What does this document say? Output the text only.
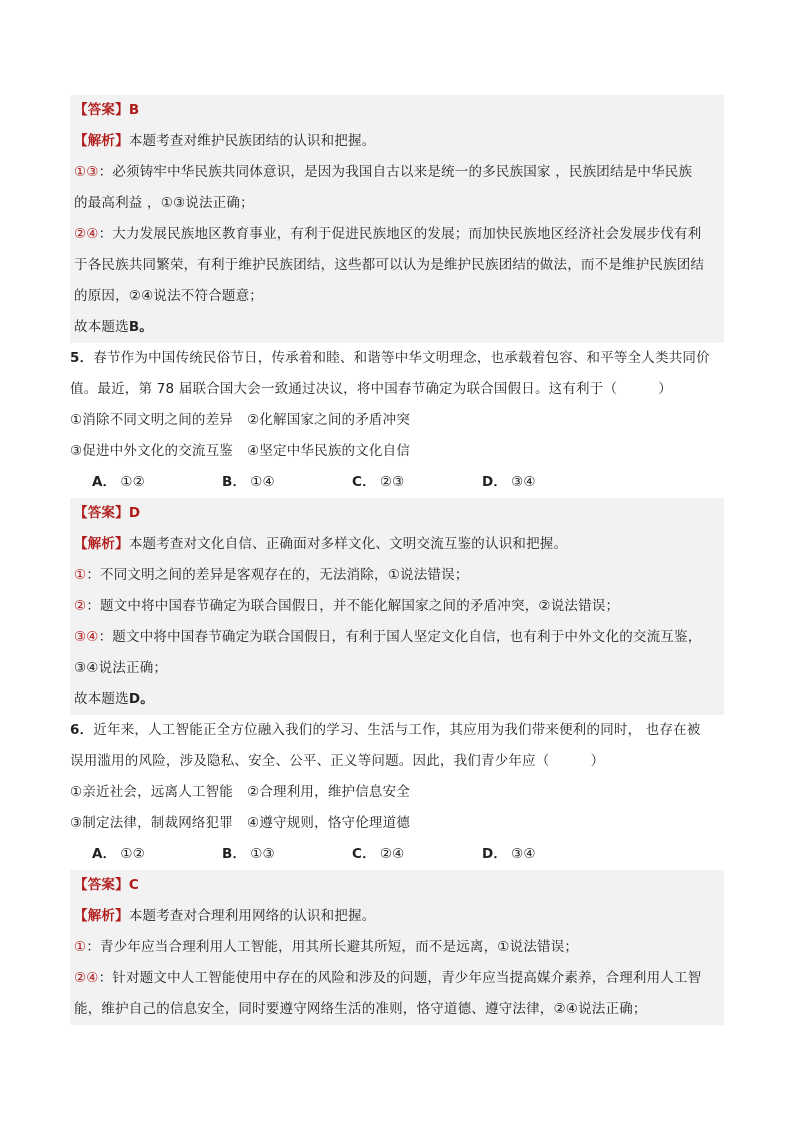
【答案】B
【解析】本题考查对维护民族团结的认识和把握。
①③：必须铸牢中华民族共同体意识，是因为我国自古以来是统一的多民族国家 ，民族团结是中华民族
的最高利益 ，①③说法正确；
②④：大力发展民族地区教育事业，有利于促进民族地区的发展；而加快民族地区经济社会发展步伐有利
于各民族共同繁荣，有利于维护民族团结，这些都可以认为是维护民族团结的做法，而不是维护民族团结
的原因，②④说法不符合题意；
故本题选B。
5．春节作为中国传统民俗节日，传承着和睦、和谐等中华文明理念，也承载着包容、和平等全人类共同价
值。最近，第 78 届联合国大会一致通过决议，将中国春节确定为联合国假日。这有利于（　　　）
①消除不同文明之间的差异 ②化解国家之间的矛盾冲突
③促进中外文化的交流互鉴 ④坚定中华民族的文化自信
A． ①②	B． ①④	C． ②③	D． ③④
【答案】D
【解析】本题考查对文化自信、正确面对多样文化、文明交流互鉴的认识和把握。
①：不同文明之间的差异是客观存在的，无法消除，①说法错误；
②：题文中将中国春节确定为联合国假日，并不能化解国家之间的矛盾冲突，②说法错误；
③④：题文中将中国春节确定为联合国假日，有利于国人坚定文化自信，也有利于中外文化的交流互鉴，
③④说法正确；
故本题选D。
6．近年来，人工智能正全方位融入我们的学习、生活与工作，其应用为我们带来便利的同时， 也存在被
误用滥用的风险，涉及隐私、安全、公平、正义等问题。因此，我们青少年应（　　　）
①亲近社会，远离人工智能 ②合理利用，维护信息安全
③制定法律，制裁网络犯罪 ④遵守规则，恪守伦理道德
A． ①②	B． ①③	C． ②④	D． ③④
【答案】C
【解析】本题考查对合理利用网络的认识和把握。
①：青少年应当合理利用人工智能，用其所长避其所短，而不是远离，①说法错误；
②④：针对题文中人工智能使用中存在的风险和涉及的问题，青少年应当提高媒介素养，合理利用人工智
能，维护自己的信息安全，同时要遵守网络生活的准则，恪守道德、遵守法律，②④说法正确；
